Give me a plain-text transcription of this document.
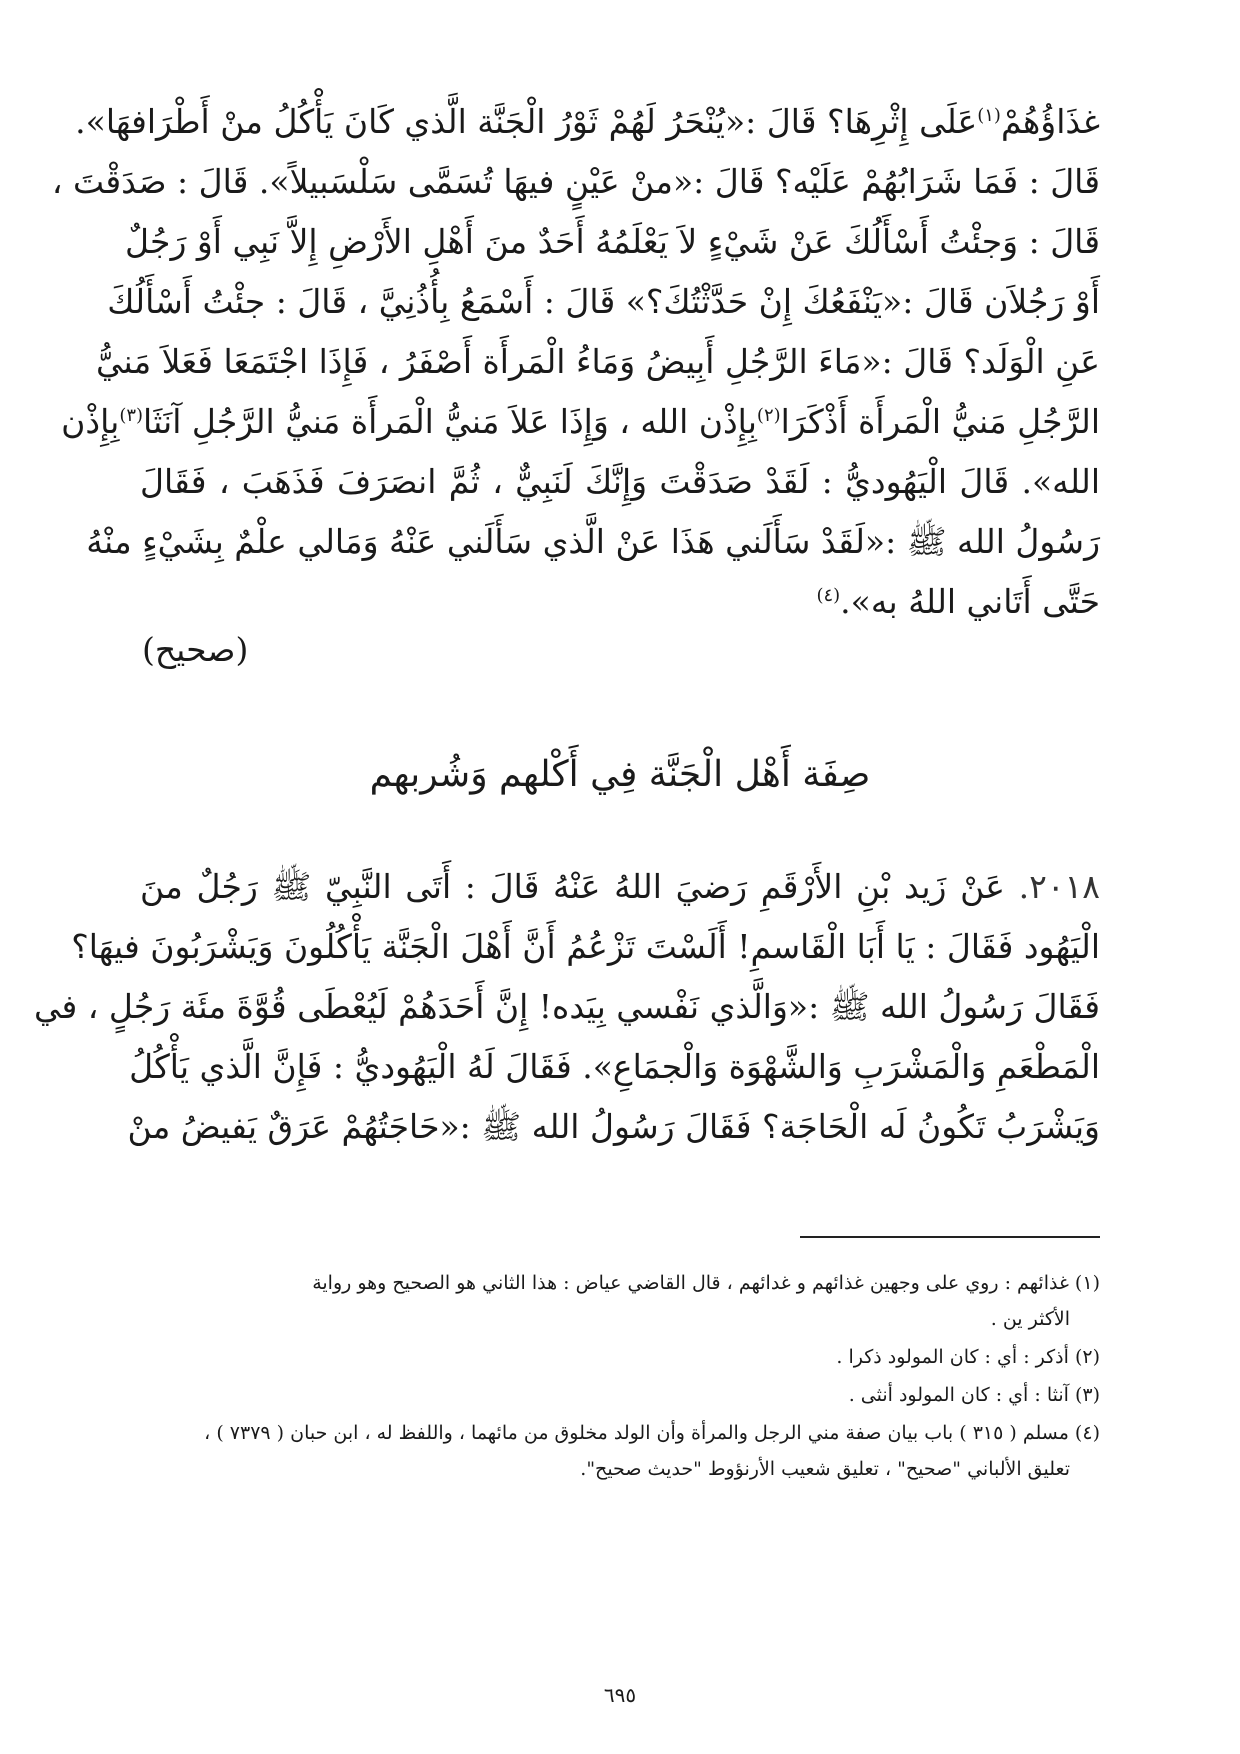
غذَاؤُهُمْ$^{(١)}$عَلَى إِثْرِهَا؟ قَالَ :«يُنْحَرُ لَهُمْ ثَوْرُ الْجَنَّة الَّذي كَانَ يَأْكُلُ منْ أَطْرَافهَا».
قَالَ : فَمَا شَرَابُهُمْ عَلَيْه؟ قَالَ :«منْ عَيْنٍ فيهَا تُسَمَّى سَلْسَبيلاً». قَالَ : صَدَقْتَ ،
قَالَ : وَجئْتُ أَسْأَلُكَ عَنْ شَيْءٍ لاَ يَعْلَمُهُ أَحَدٌ منَ أَهْلِ الأَرْضِ إِلاَّ نَبِي أَوْ رَجُلٌ
أَوْ رَجُلاَن قَالَ :«يَنْفَعُكَ إِنْ حَدَّثْتُكَ؟» قَالَ : أَسْمَعُ بِأُذُنِيَّ ، قَالَ : جئْتُ أَسْأَلُكَ
عَنِ الْوَلَد؟ قَالَ :«مَاءَ الرَّجُلِ أَبِيضُ وَمَاءُ الْمَرأَة أَصْفَرُ ، فَإِذَا اجْتَمَعَا فَعَلاَ مَنيُّ
الرَّجُلِ مَنيُّ الْمَرأَة أَذْكَرَا$^{(٢)}$بِإِذْن الله ، وَإِذَا عَلاَ مَنيُّ الْمَرأَة مَنيُّ الرَّجُلِ آنَثَا$^{(٣)}$بِإِذْن
الله». قَالَ الْيَهُوديُّ : لَقَدْ صَدَقْتَ وَإِنَّكَ لَنَبِيٌّ ، ثُمَّ انصَرَفَ فَذَهَبَ ، فَقَالَ
رَسُولُ الله ﷺ :«لَقَدْ سَأَلَني هَذَا عَنْ الَّذي سَأَلَني عَنْهُ وَمَالي علْمٌ بِشَيْءٍ منْهُ
حَتَّى أَتَاني اللهُ به».$^{(٤)}$
(صحيح)
صِفَة أَهْل الْجَنَّة فِي أَكْلهم وَشُربهم
٢٠١٨. عَنْ زَيد بْنِ الأَرْقَمِ رَضيَ اللهُ عَنْهُ قَالَ : أَتَى النَّبِيّ ﷺ رَجُلٌ منَ
الْيَهُود فَقَالَ : يَا أَبَا الْقَاسمِ! أَلَسْتَ تَزْعُمُ أَنَّ أَهْلَ الْجَنَّة يَأْكُلُونَ وَيَشْرَبُونَ فيهَا؟
فَقَالَ رَسُولُ الله ﷺ :«وَالَّذي نَفْسي بِيَده! إِنَّ أَحَدَهُمْ لَيُعْطَى قُوَّةَ مئَة رَجُلٍ ، في
الْمَطْعَمِ وَالْمَشْرَبِ وَالشَّهْوَة وَالْجمَاعِ». فَقَالَ لَهُ الْيَهُوديُّ : فَإِنَّ الَّذي يَأْكُلُ
وَيَشْرَبُ تَكُونُ لَه الْحَاجَة؟ فَقَالَ رَسُولُ الله ﷺ :«حَاجَتُهُمْ عَرَقٌ يَفيضُ منْ
(١) غذائهم : روي على وجهين غذائهم و غدائهم ، قال القاضي عياض : هذا الثاني هو الصحيح وهو رواية
الأكثر ين .
(٢) أذكر : أي : كان المولود ذكرا .
(٣) آنثا : أي : كان المولود أنثى .
(٤) مسلم ( ٣١٥ ) باب بيان صفة مني الرجل والمرأة وأن الولد مخلوق من مائهما ، واللفظ له ، ابن حبان ( ٧٣٧٩ ) ،
تعليق الألباني "صحيح" ، تعليق شعيب الأرنؤوط "حديث صحيح".
٦٩٥
